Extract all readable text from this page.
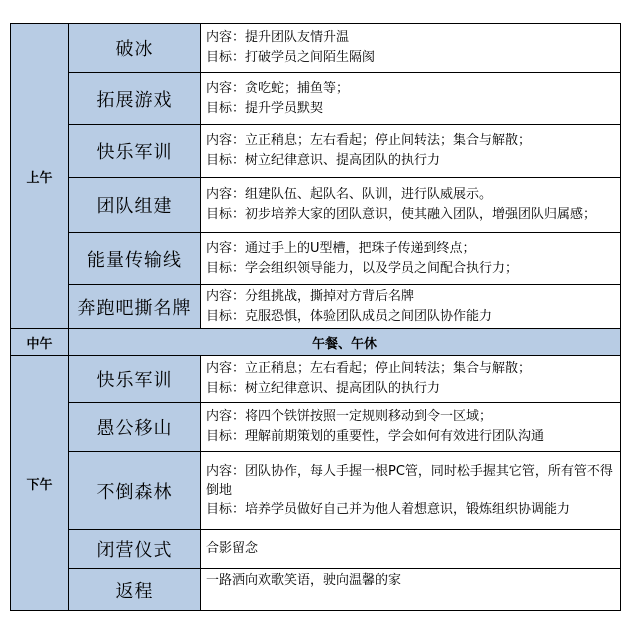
上午	破冰	内容：提升团队友情升温
目标：打破学员之间陌生隔阂

	拓展游戏	内容：贪吃蛇；捕鱼等；
目标：提升学员默契

	快乐军训	内容：立正稍息；左右看起；停止间转法；集合与解散；
目标：树立纪律意识、提高团队的执行力

	团队组建	内容：组建队伍、起队名、队训，进行队威展示。
目标：初步培养大家的团队意识，使其融入团队，增强团队归属感；

	能量传输线	内容：通过手上的U型槽，把珠子传递到终点；
目标：学会组织领导能力，以及学员之间配合执行力；

	奔跑吧撕名牌	内容：分组挑战，撕掉对方背后名牌
目标：克服恐惧，体验团队成员之间团队协作能力

中午	午餐、午休	
下午	快乐军训	内容：立正稍息；左右看起；停止间转法；集合与解散；
目标：树立纪律意识、提高团队的执行力

	愚公移山	内容：将四个铁饼按照一定规则移动到令一区域；
目标：理解前期策划的重要性，学会如何有效进行团队沟通

	不倒森林	内容：团队协作，每人手握一根PC管，同时松手握其它管，所有管不得倒地
目标：培养学员做好自己并为他人着想意识，锻炼组织协调能力

	闭营仪式	合影留念

	返程	一路洒向欢歌笑语，驶向温馨的家
